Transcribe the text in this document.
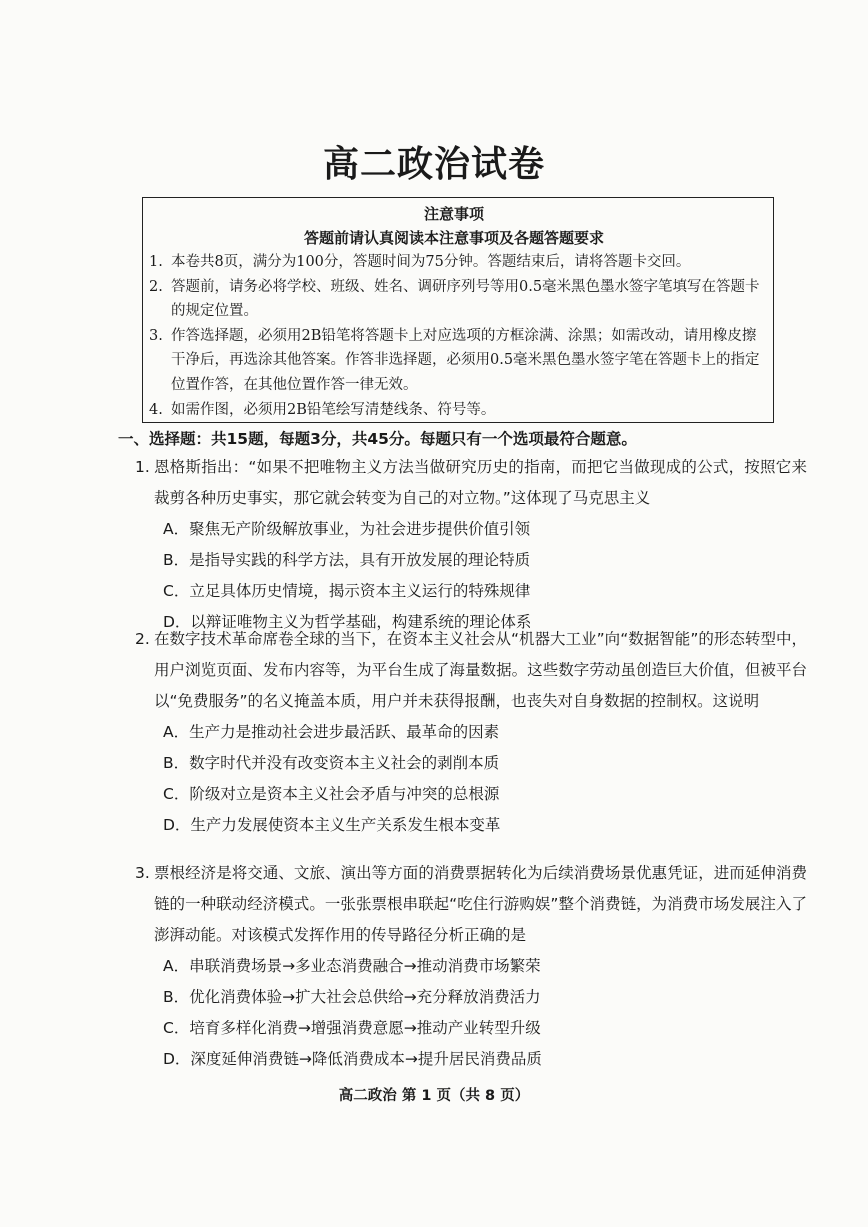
高二政治试卷
注意事项
答题前请认真阅读本注意事项及各题答题要求
1. 本卷共8页，满分为100分，答题时间为75分钟。答题结束后，请将答题卡交回。
2. 答题前，请务必将学校、班级、姓名、调研序列号等用0.5毫米黑色墨水签字笔填写在答题卡的规定位置。
3. 作答选择题，必须用2B铅笔将答题卡上对应选项的方框涂满、涂黑；如需改动，请用橡皮擦干净后，再选涂其他答案。作答非选择题，必须用0.5毫米黑色墨水签字笔在答题卡上的指定位置作答，在其他位置作答一律无效。
4. 如需作图，必须用2B铅笔绘写清楚线条、符号等。
一、选择题：共15题，每题3分，共45分。每题只有一个选项最符合题意。
1. 恩格斯指出：“如果不把唯物主义方法当做研究历史的指南，而把它当做现成的公式，按照它来裁剪各种历史事实，那它就会转变为自己的对立物。”这体现了马克思主义
A．聚焦无产阶级解放事业，为社会进步提供价值引领
B．是指导实践的科学方法，具有开放发展的理论特质
C．立足具体历史情境，揭示资本主义运行的特殊规律
D．以辩证唯物主义为哲学基础，构建系统的理论体系
2. 在数字技术革命席卷全球的当下，在资本主义社会从“机器大工业”向“数据智能”的形态转型中，用户浏览页面、发布内容等，为平台生成了海量数据。这些数字劳动虽创造巨大价值，但被平台以“免费服务”的名义掩盖本质，用户并未获得报酬，也丧失对自身数据的控制权。这说明
A．生产力是推动社会进步最活跃、最革命的因素
B．数字时代并没有改变资本主义社会的剥削本质
C．阶级对立是资本主义社会矛盾与冲突的总根源
D．生产力发展使资本主义生产关系发生根本变革
3. 票根经济是将交通、文旅、演出等方面的消费票据转化为后续消费场景优惠凭证，进而延伸消费链的一种联动经济模式。一张张票根串联起“吃住行游购娱”整个消费链，为消费市场发展注入了澎湃动能。对该模式发挥作用的传导路径分析正确的是
A．串联消费场景→多业态消费融合→推动消费市场繁荣
B．优化消费体验→扩大社会总供给→充分释放消费活力
C．培育多样化消费→增强消费意愿→推动产业转型升级
D．深度延伸消费链→降低消费成本→提升居民消费品质
高二政治 第 1 页（共 8 页）
